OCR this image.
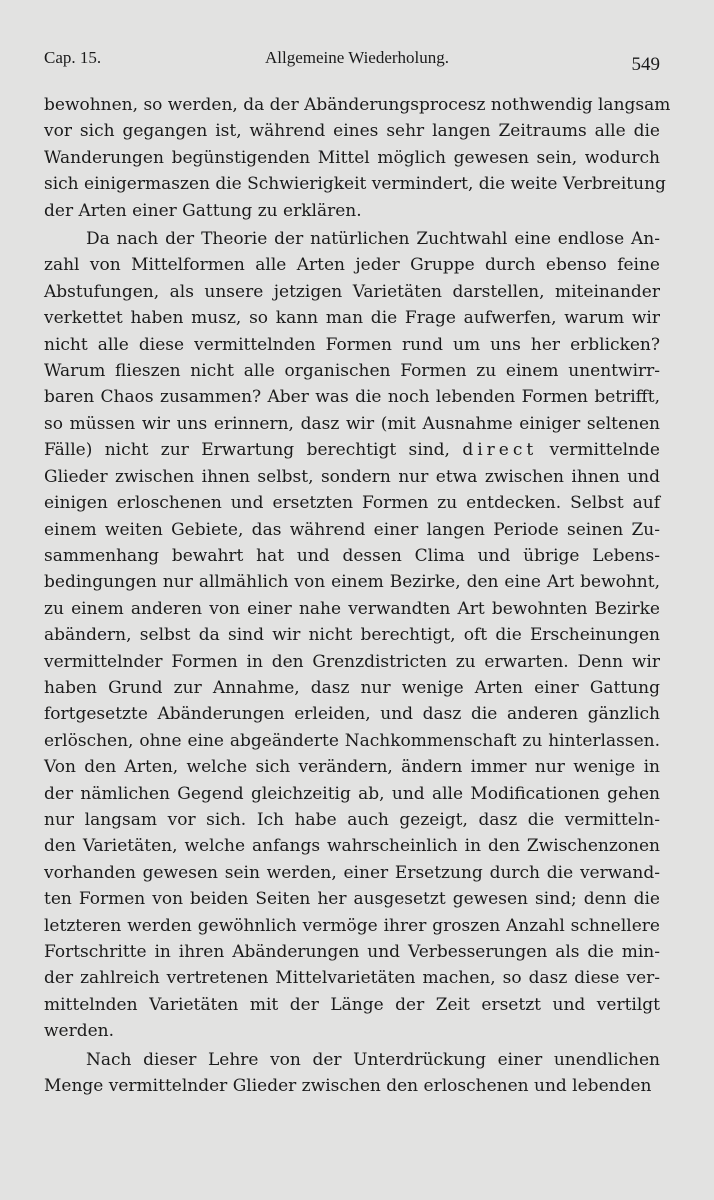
Cap. 15.	Allgemeine Wiederholung.	549

bewohnen, so werden, da der Abänderungsprocesz nothwendig langsam
vor sich gegangen ist, während eines sehr langen Zeitraums alle die
Wanderungen begünstigenden Mittel möglich gewesen sein, wodurch
sich einigermaszen die Schwierigkeit vermindert, die weite Verbreitung
der Arten einer Gattung zu erklären.

Da nach der Theorie der natürlichen Zuchtwahl eine endlose An-
zahl von Mittelformen alle Arten jeder Gruppe durch ebenso feine
Abstufungen, als unsere jetzigen Varietäten darstellen, miteinander
verkettet haben musz, so kann man die Frage aufwerfen, warum wir
nicht alle diese vermittelnden Formen rund um uns her erblicken?
Warum flieszen nicht alle organischen Formen zu einem unentwirr-
baren Chaos zusammen? Aber was die noch lebenden Formen betrifft,
so müssen wir uns erinnern, dasz wir (mit Ausnahme einiger seltenen
Fälle) nicht zur Erwartung berechtigt sind, direct vermittelnde
Glieder zwischen ihnen selbst, sondern nur etwa zwischen ihnen und
einigen erloschenen und ersetzten Formen zu entdecken. Selbst auf
einem weiten Gebiete, das während einer langen Periode seinen Zu-
sammenhang bewahrt hat und dessen Clima und übrige Lebens-
bedingungen nur allmählich von einem Bezirke, den eine Art bewohnt,
zu einem anderen von einer nahe verwandten Art bewohnten Bezirke
abändern, selbst da sind wir nicht berechtigt, oft die Erscheinungen
vermittelnder Formen in den Grenzdistricten zu erwarten. Denn wir
haben Grund zur Annahme, dasz nur wenige Arten einer Gattung
fortgesetzte Abänderungen erleiden, und dasz die anderen gänzlich
erlöschen, ohne eine abgeänderte Nachkommenschaft zu hinterlassen.
Von den Arten, welche sich verändern, ändern immer nur wenige in
der nämlichen Gegend gleichzeitig ab, und alle Modificationen gehen
nur langsam vor sich. Ich habe auch gezeigt, dasz die vermitteln-
den Varietäten, welche anfangs wahrscheinlich in den Zwischenzonen
vorhanden gewesen sein werden, einer Ersetzung durch die verwand-
ten Formen von beiden Seiten her ausgesetzt gewesen sind; denn die
letzteren werden gewöhnlich vermöge ihrer groszen Anzahl schnellere
Fortschritte in ihren Abänderungen und Verbesserungen als die min-
der zahlreich vertretenen Mittelvarietäten machen, so dasz diese ver-
mittelnden Varietäten mit der Länge der Zeit ersetzt und vertilgt
werden.

Nach dieser Lehre von der Unterdrückung einer unendlichen
Menge vermittelnder Glieder zwischen den erloschenen und lebenden
